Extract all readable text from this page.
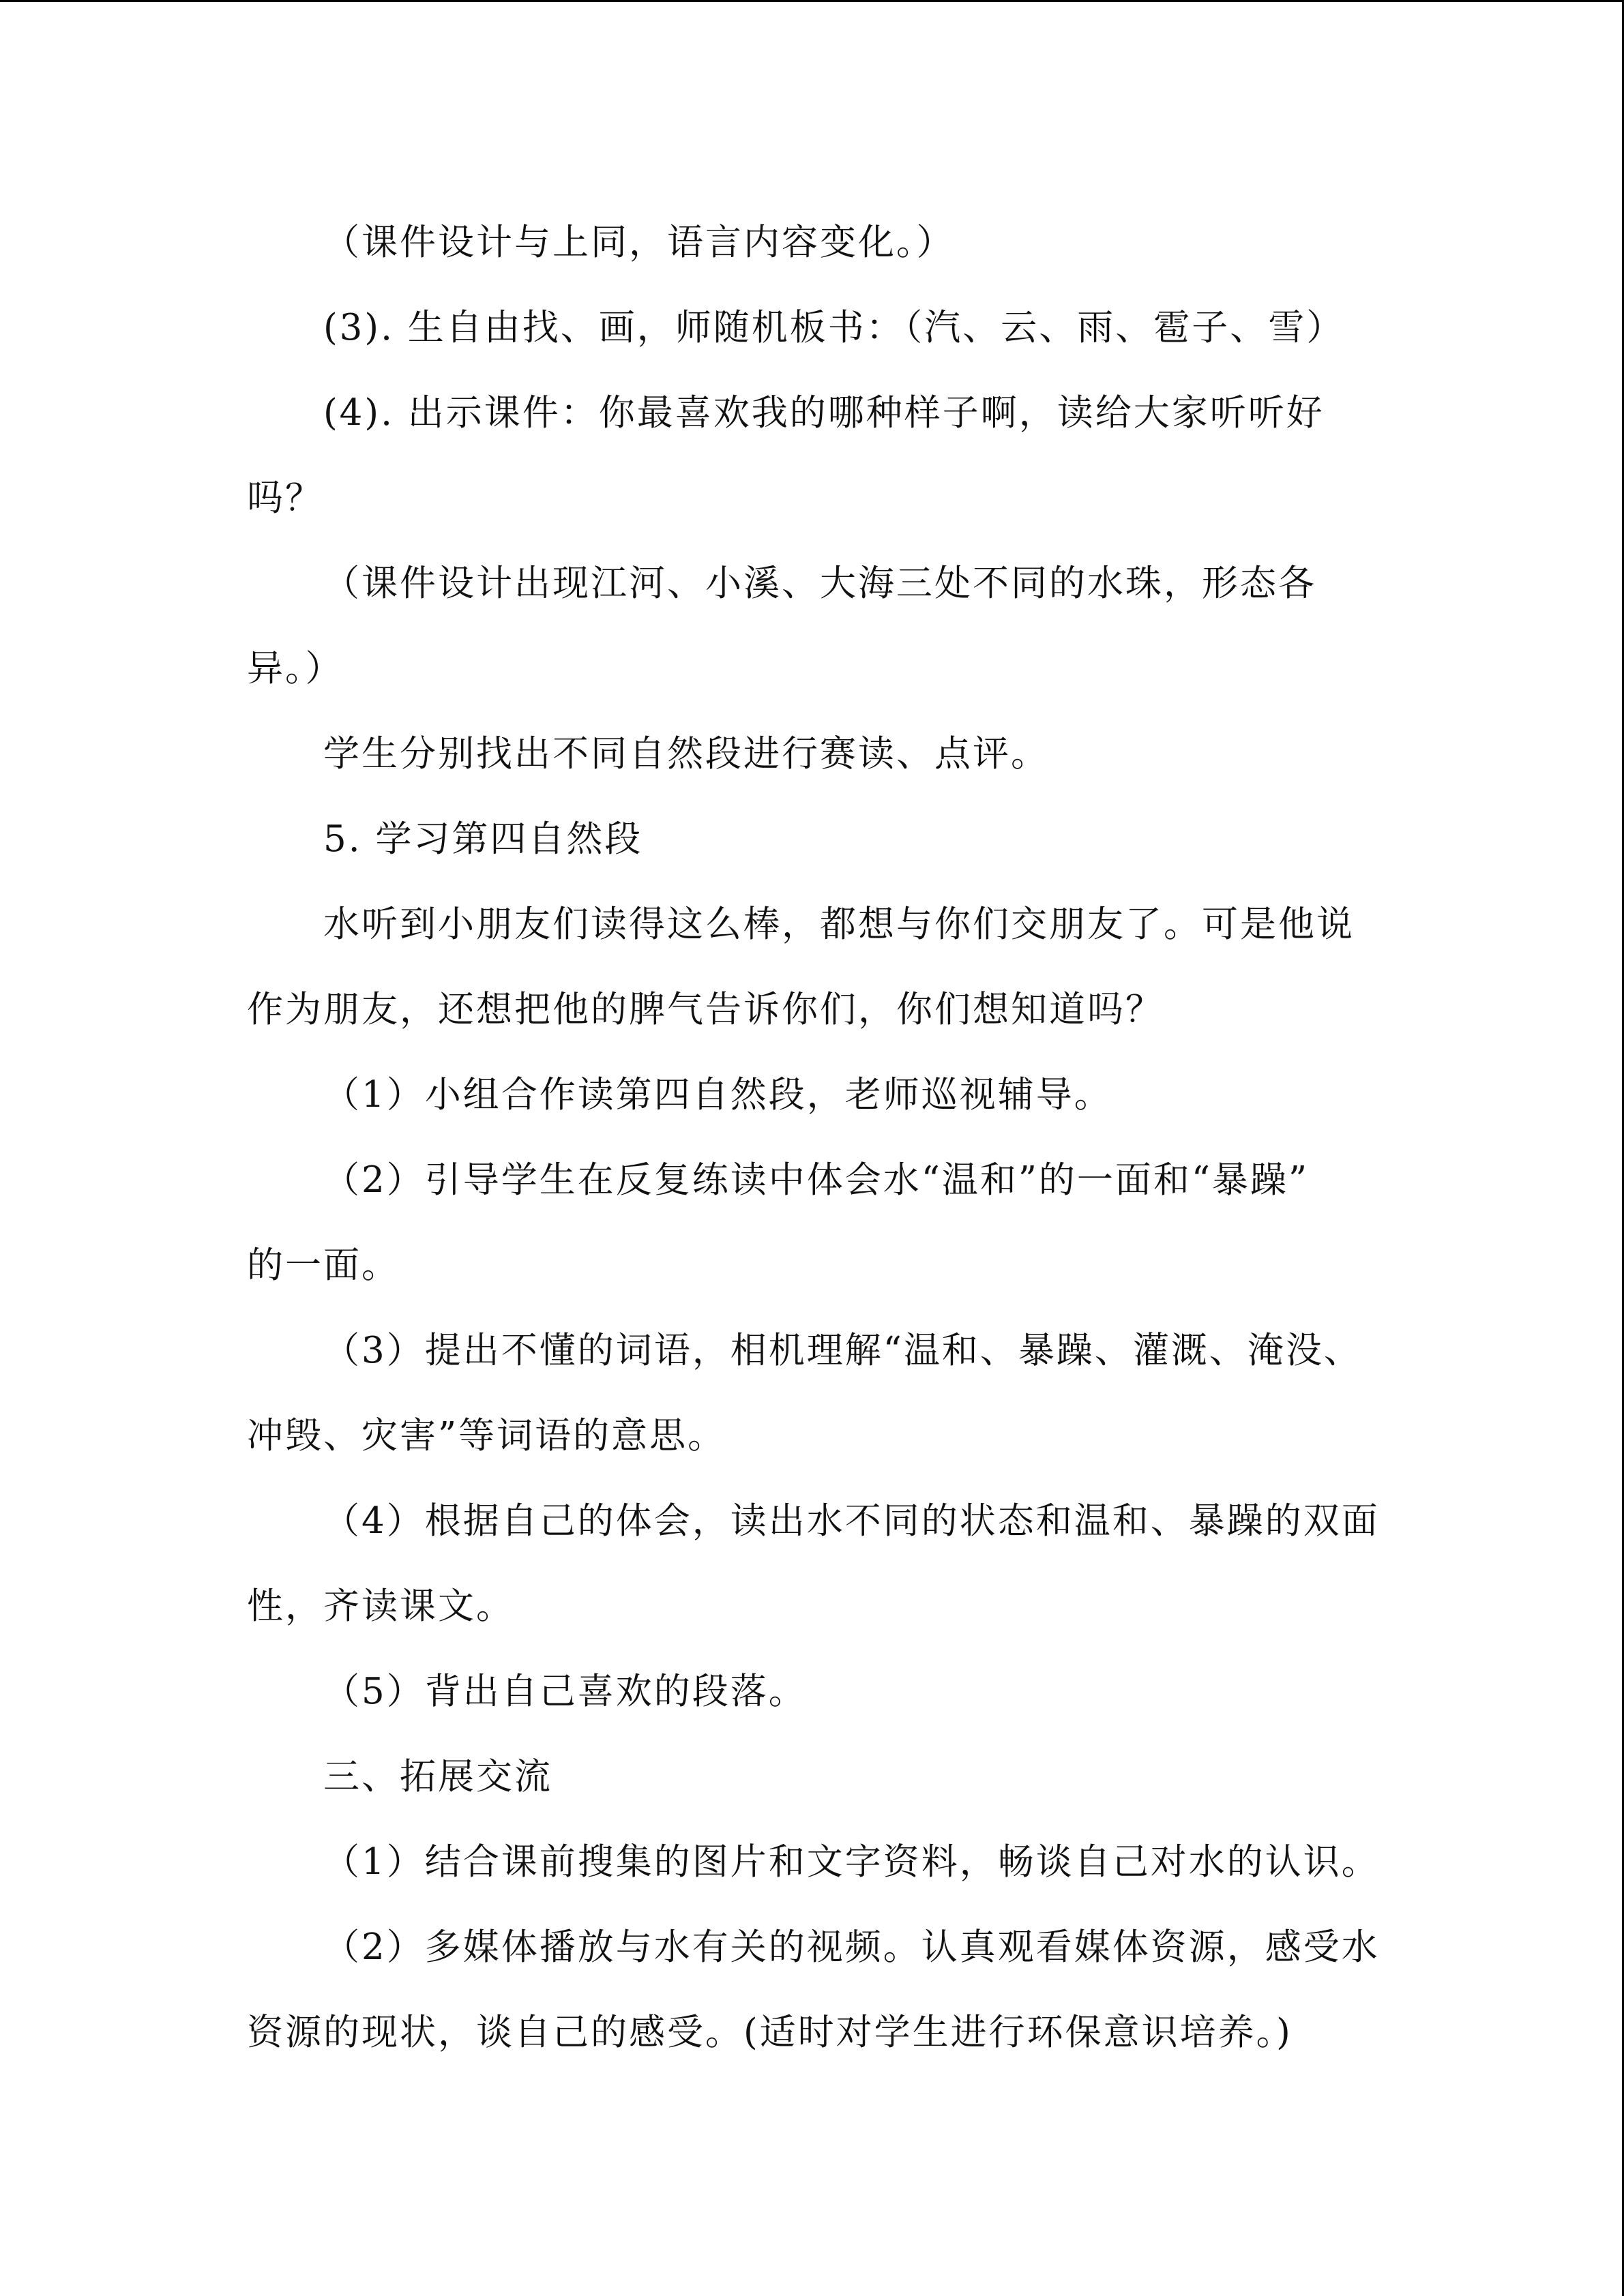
（课件设计与上同，语言内容变化。）
(3). 生自由找、画，师随机板书：（汽、云、雨、雹子、雪）
(4). 出示课件：你最喜欢我的哪种样子啊，读给大家听听好
吗？
（课件设计出现江河、小溪、大海三处不同的水珠，形态各
异。）
学生分别找出不同自然段进行赛读、点评。
5. 学习第四自然段
水听到小朋友们读得这么棒，都想与你们交朋友了。可是他说
作为朋友，还想把他的脾气告诉你们，你们想知道吗？
（1）小组合作读第四自然段，老师巡视辅导。
（2）引导学生在反复练读中体会水“温和”的一面和“暴躁”
的一面。
（3）提出不懂的词语，相机理解“温和、暴躁、灌溉、淹没、
冲毁、灾害”等词语的意思。
（4）根据自己的体会，读出水不同的状态和温和、暴躁的双面
性，齐读课文。
（5）背出自己喜欢的段落。
三、拓展交流
（1）结合课前搜集的图片和文字资料，畅谈自己对水的认识。
（2）多媒体播放与水有关的视频。认真观看媒体资源，感受水
资源的现状，谈自己的感受。(适时对学生进行环保意识培养。)
